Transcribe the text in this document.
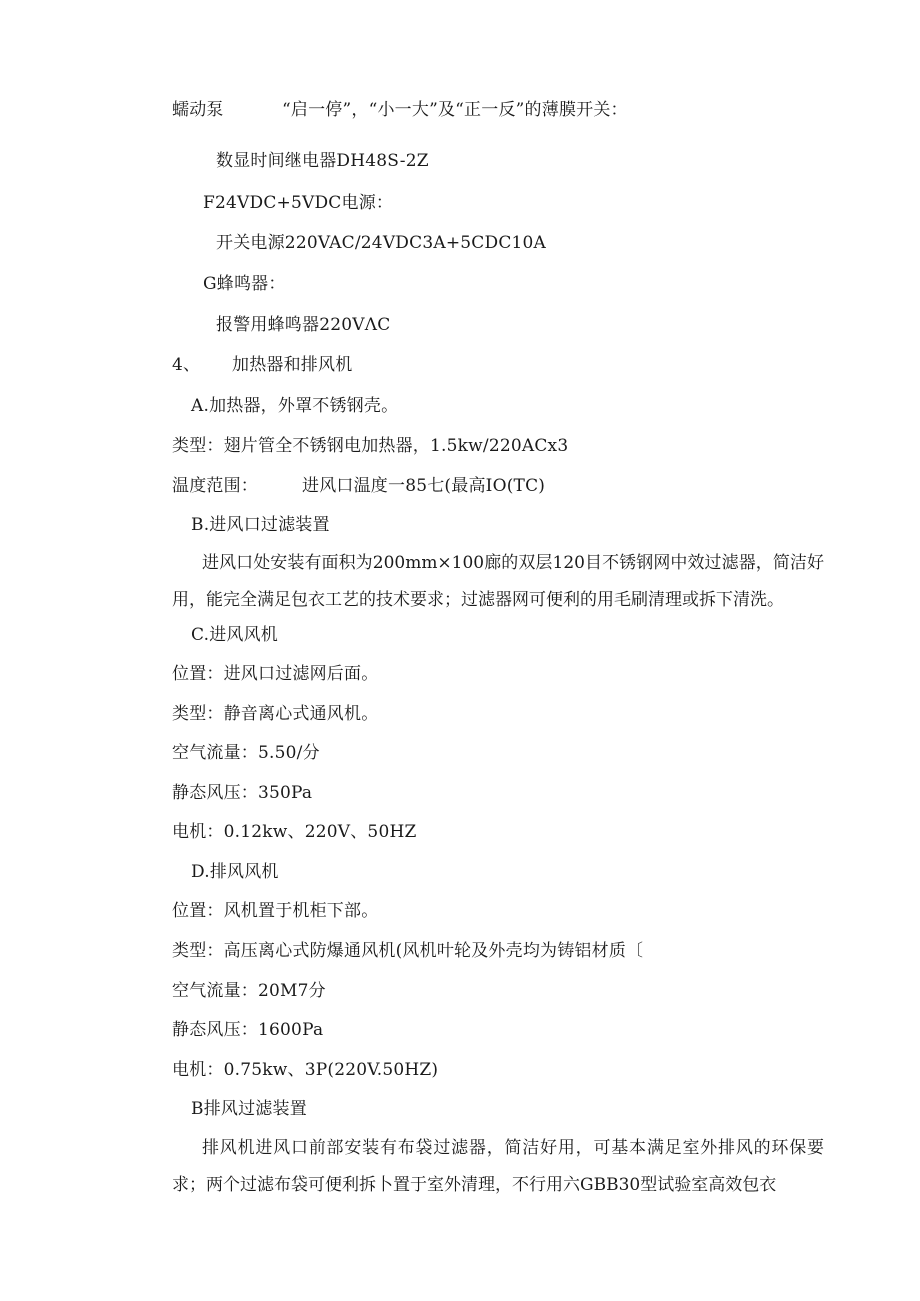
蠕动泵	“启一停”，“小一大”及“正一反”的薄膜开关：
数显时间继电器DH48S-2Z
F24VDC+5VDC电源：
开关电源220VAC/24VDC3A+5CDC10A
G蜂鸣器：
报警用蜂鸣器220VΛC
4、 加热器和排风机
A.加热器，外罩不锈钢壳。
类型：翅片管全不锈钢电加热器，1.5kw/220ACx3
温度范围：	进风口温度一85七(最高IO(TC)
B.进风口过滤装置
进风口处安装有面积为200mm×100廊的双层120目不锈钢网中效过滤器，简洁好用，能完全满足包衣工艺的技术要求；过滤器网可便利的用毛刷清理或拆下清洗。
C.进风风机
位置：进风口过滤网后面。
类型：静音离心式通风机。
空气流量：5.50/分
静态风压：350Pa
电机：0.12kw、220V、50HZ
D.排风风机
位置：风机置于机柜下部。
类型：高压离心式防爆通风机(风机叶轮及外壳均为铸铝材质〔
空气流量：20M7分
静态风压：1600Pa
电机：0.75kw、3P(220V.50HZ)
B排风过滤装置
排风机进风口前部安装有布袋过滤器，简洁好用，可基本满足室外排风的环保要求；两个过滤布袋可便利拆卜置于室外清理，不行用六GBB30型试验室高效包衣
